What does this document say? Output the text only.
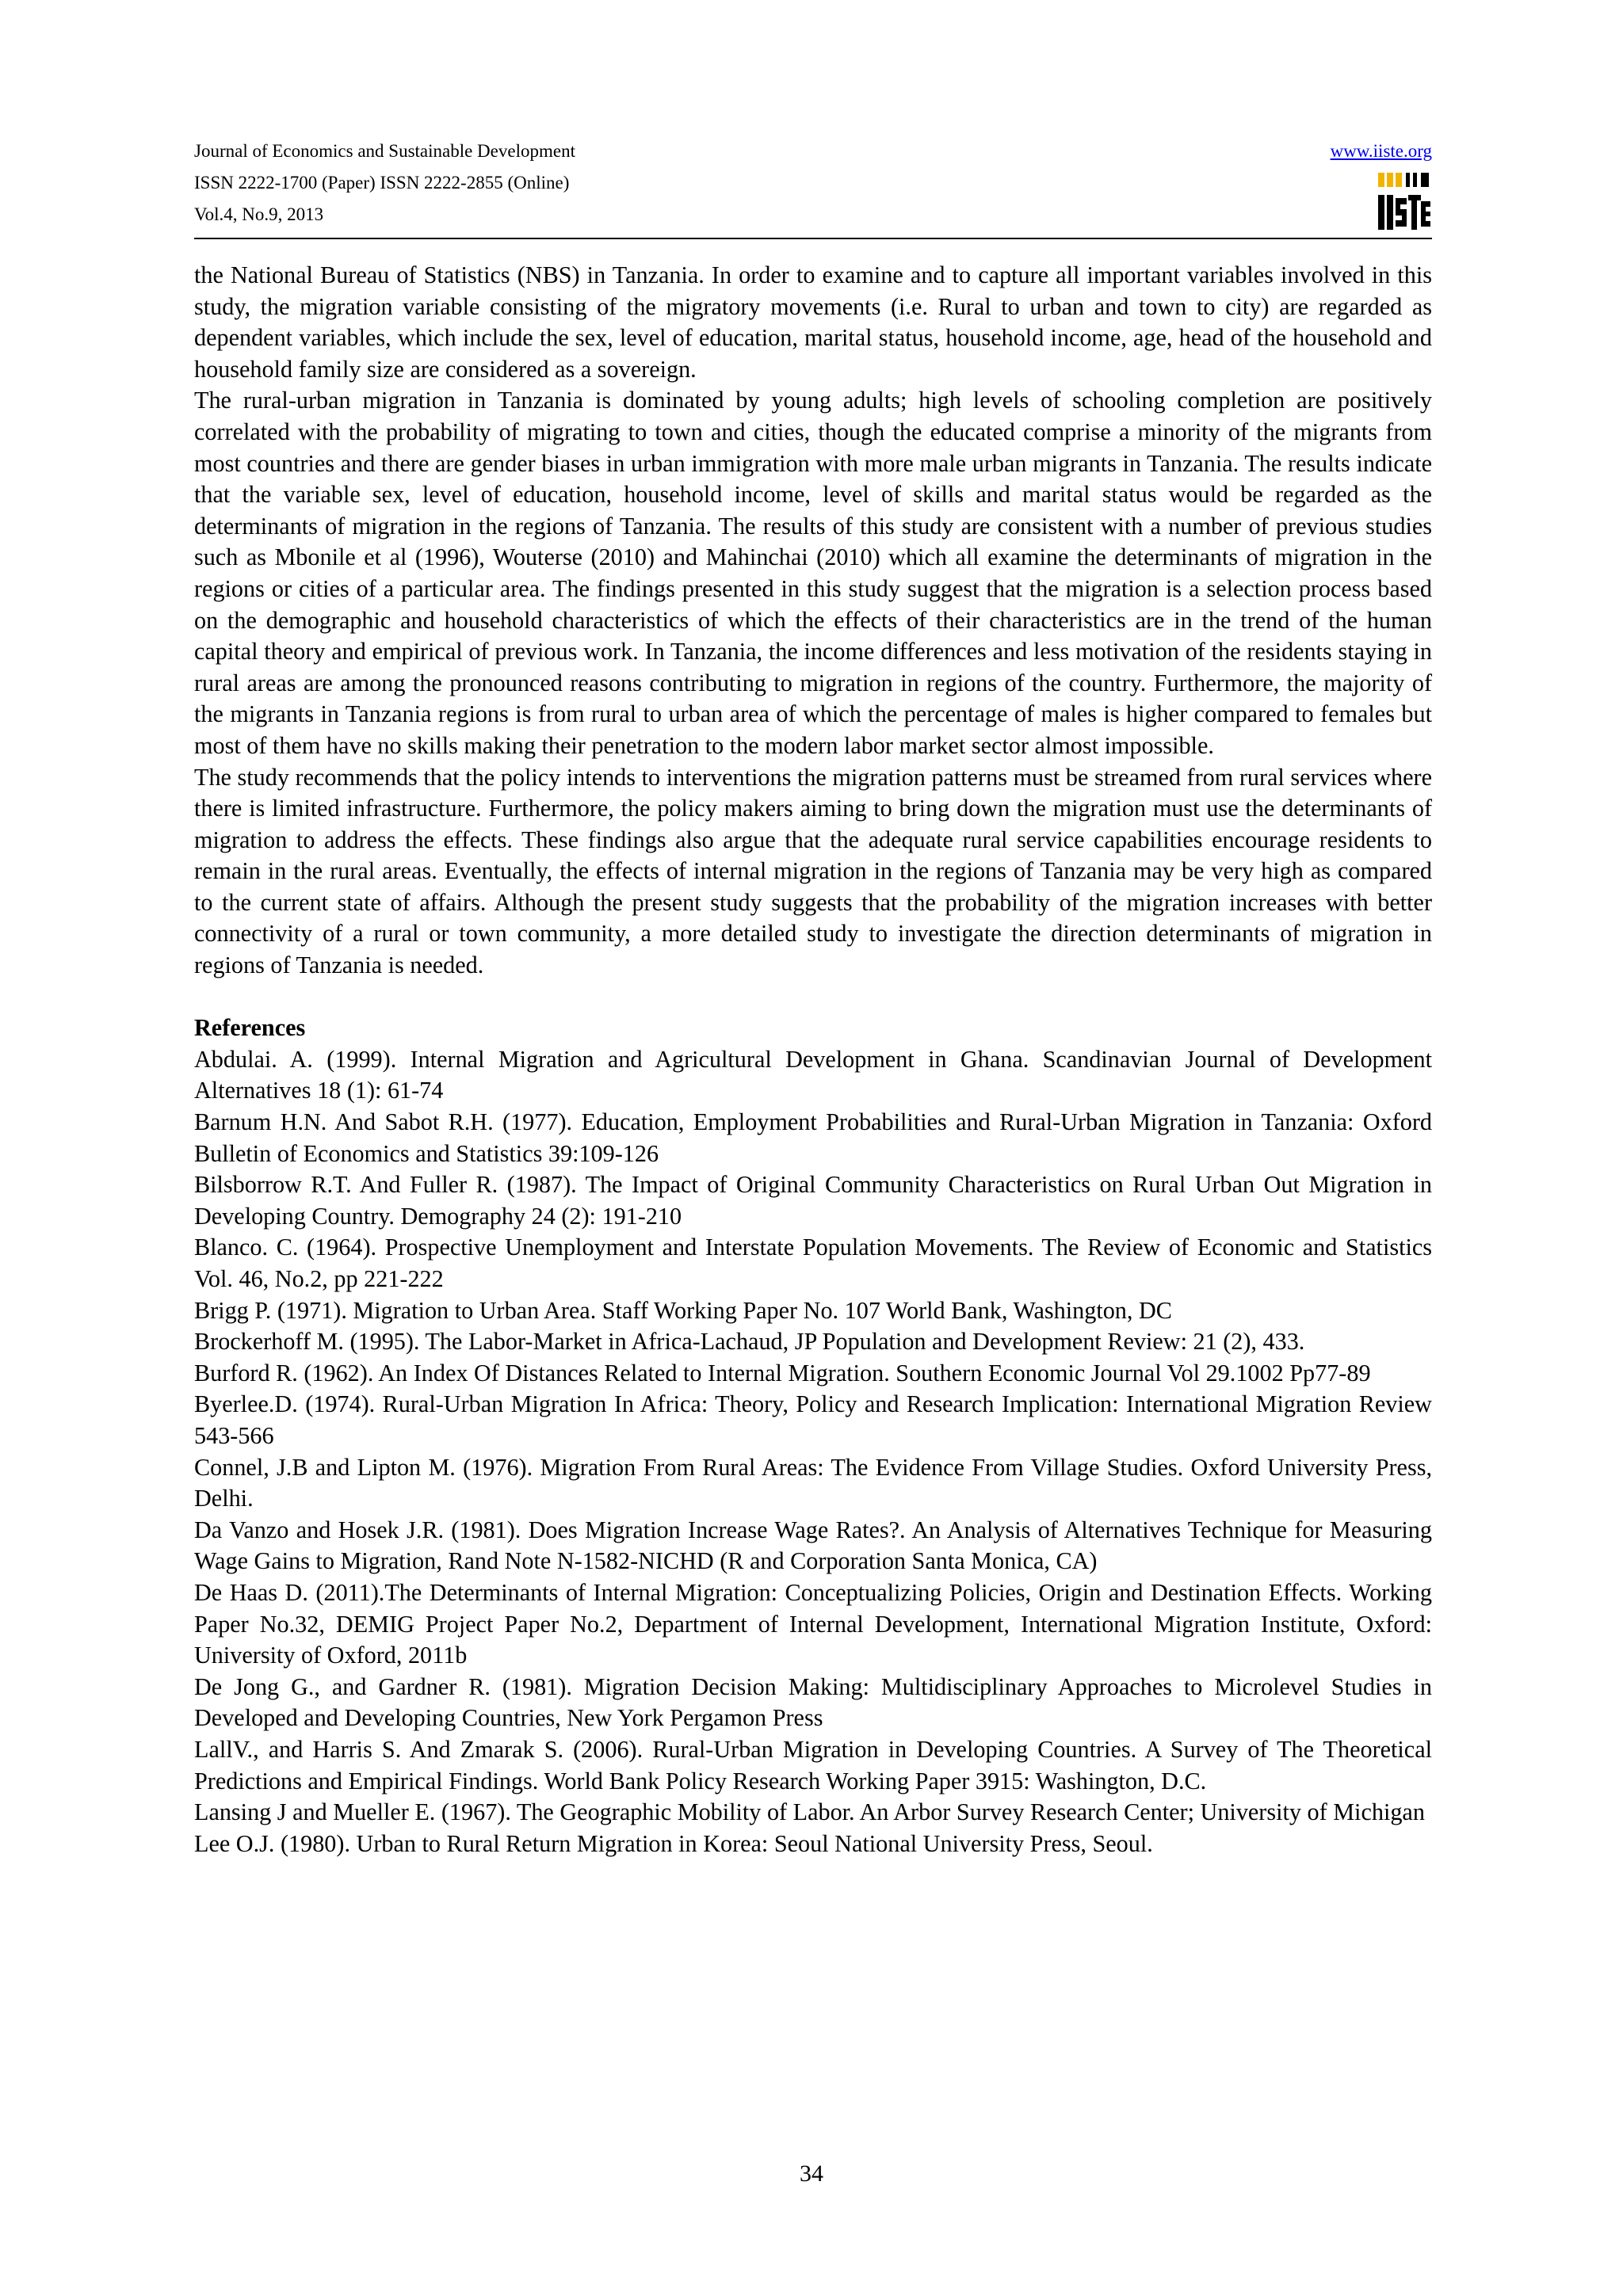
Journal of Economics and Sustainable Development
ISSN 2222-1700 (Paper) ISSN 2222-2855 (Online)
Vol.4, No.9, 2013
www.iiste.org

the National Bureau of Statistics (NBS) in Tanzania. In order to examine and to capture all important variables involved in this study, the migration variable consisting of the migratory movements (i.e. Rural to urban and town to city) are regarded as dependent variables, which include the sex, level of education, marital status, household income, age, head of the household and household family size are considered as a sovereign.

The rural-urban migration in Tanzania is dominated by young adults; high levels of schooling completion are positively correlated with the probability of migrating to town and cities, though the educated comprise a minority of the migrants from most countries and there are gender biases in urban immigration with more male urban migrants in Tanzania. The results indicate that the variable sex, level of education, household income, level of skills and marital status would be regarded as the determinants of migration in the regions of Tanzania. The results of this study are consistent with a number of previous studies such as Mbonile et al (1996), Wouterse (2010) and Mahinchai (2010) which all examine the determinants of migration in the regions or cities of a particular area. The findings presented in this study suggest that the migration is a selection process based on the demographic and household characteristics of which the effects of their characteristics are in the trend of the human capital theory and empirical of previous work. In Tanzania, the income differences and less motivation of the residents staying in rural areas are among the pronounced reasons contributing to migration in regions of the country. Furthermore, the majority of the migrants in Tanzania regions is from rural to urban area of which the percentage of males is higher compared to females but most of them have no skills making their penetration to the modern labor market sector almost impossible.

The study recommends that the policy intends to interventions the migration patterns must be streamed from rural services where there is limited infrastructure. Furthermore, the policy makers aiming to bring down the migration must use the determinants of migration to address the effects. These findings also argue that the adequate rural service capabilities encourage residents to remain in the rural areas. Eventually, the effects of internal migration in the regions of Tanzania may be very high as compared to the current state of affairs. Although the present study suggests that the probability of the migration increases with better connectivity of a rural or town community, a more detailed study to investigate the direction determinants of migration in regions of Tanzania is needed.

References
Abdulai. A. (1999). Internal Migration and Agricultural Development in Ghana. Scandinavian Journal of Development Alternatives 18 (1): 61-74
Barnum H.N. And Sabot R.H. (1977). Education, Employment Probabilities and Rural-Urban Migration in Tanzania: Oxford Bulletin of Economics and Statistics 39:109-126
Bilsborrow R.T. And Fuller R. (1987). The Impact of Original Community Characteristics on Rural Urban Out Migration in Developing Country. Demography 24 (2): 191-210
Blanco. C. (1964). Prospective Unemployment and Interstate Population Movements. The Review of Economic and Statistics Vol. 46, No.2, pp 221-222
Brigg P. (1971). Migration to Urban Area. Staff Working Paper No. 107 World Bank, Washington, DC
Brockerhoff M. (1995). The Labor-Market in Africa-Lachaud, JP Population and Development Review: 21 (2), 433.
Burford R. (1962). An Index Of Distances Related to Internal Migration. Southern Economic Journal Vol 29.1002 Pp77-89
Byerlee.D. (1974). Rural-Urban Migration In Africa: Theory, Policy and Research Implication: International Migration Review 543-566
Connel, J.B and Lipton M. (1976). Migration From Rural Areas: The Evidence From Village Studies. Oxford University Press, Delhi.
Da Vanzo and Hosek J.R. (1981). Does Migration Increase Wage Rates?. An Analysis of Alternatives Technique for Measuring Wage Gains to Migration, Rand Note N-1582-NICHD (R and Corporation Santa Monica, CA)
De Haas D. (2011).The Determinants of Internal Migration: Conceptualizing Policies, Origin and Destination Effects. Working Paper No.32, DEMIG Project Paper No.2, Department of Internal Development, International Migration Institute, Oxford: University of Oxford, 2011b
De Jong G., and Gardner R. (1981). Migration Decision Making: Multidisciplinary Approaches to Microlevel Studies in Developed and Developing Countries, New York Pergamon Press
LallV., and Harris S. And Zmarak S. (2006). Rural-Urban Migration in Developing Countries. A Survey of The Theoretical Predictions and Empirical Findings. World Bank Policy Research Working Paper 3915: Washington, D.C.
Lansing J and Mueller E. (1967). The Geographic Mobility of Labor. An Arbor Survey Research Center; University of Michigan
Lee O.J. (1980). Urban to Rural Return Migration in Korea: Seoul National University Press, Seoul.
34
